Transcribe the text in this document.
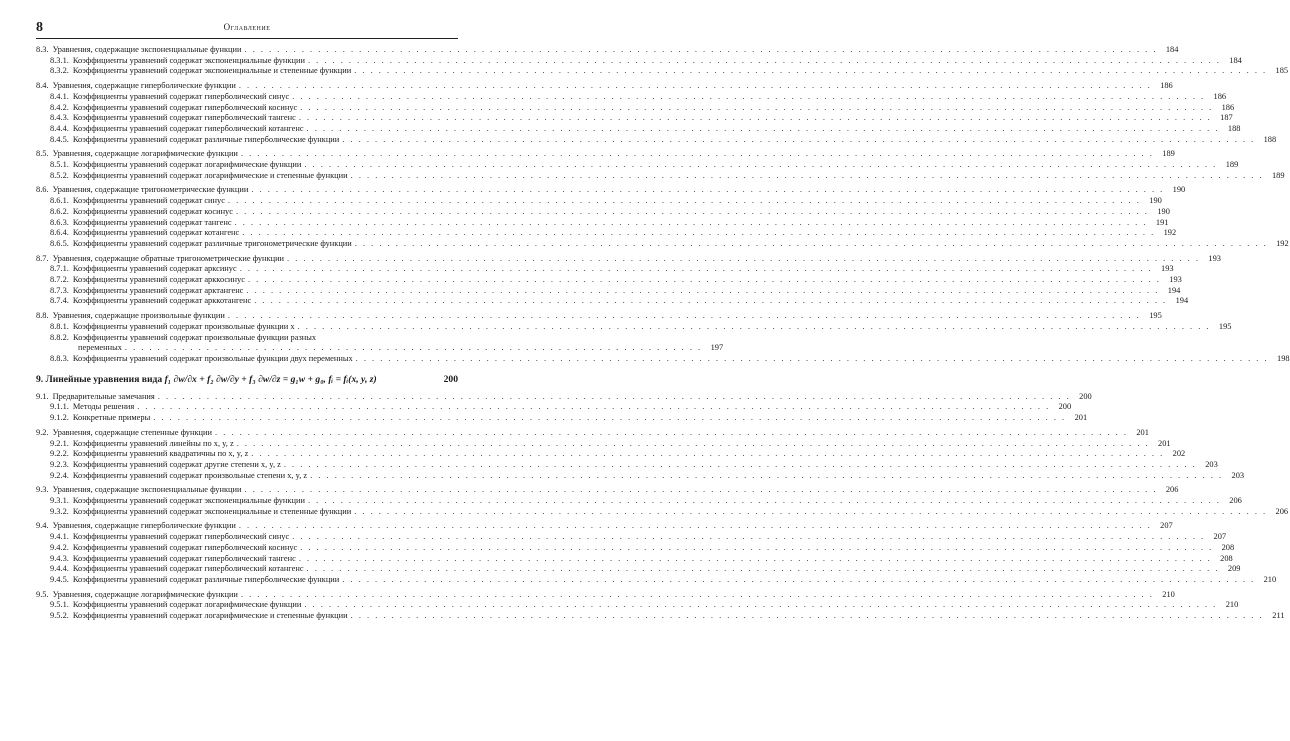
8	Оглавление
8.3. Уравнения, содержащие экспоненциальные функции . . .	184
8.3.1. Коэффициенты уравнений содержат экспоненциальные функции . . .	184
8.3.2. Коэффициенты уравнений содержат экспоненциальные и степенные функции . . .	185
8.4. Уравнения, содержащие гиперболические функции . . .	186
8.4.1. Коэффициенты уравнений содержат гиперболический синус . . .	186
8.4.2. Коэффициенты уравнений содержат гиперболический косинус . . .	186
8.4.3. Коэффициенты уравнений содержат гиперболический тангенс . . .	187
8.4.4. Коэффициенты уравнений содержат гиперболический котангенс . . .	188
8.4.5. Коэффициенты уравнений содержат различные гиперболические функции . . .	188
8.5. Уравнения, содержащие логарифмические функции . . .	189
8.5.1. Коэффициенты уравнений содержат логарифмические функции . . .	189
8.5.2. Коэффициенты уравнений содержат логарифмические и степенные функции . . .	189
8.6. Уравнения, содержащие тригонометрические функции . . .	190
8.6.1. Коэффициенты уравнений содержат синус . . .	190
8.6.2. Коэффициенты уравнений содержат косинус . . .	190
8.6.3. Коэффициенты уравнений содержат тангенс . . .	191
8.6.4. Коэффициенты уравнений содержат котангенс . . .	192
8.6.5. Коэффициенты уравнений содержат различные тригонометрические функции . . .	192
8.7. Уравнения, содержащие обратные тригонометрические функции . . .	193
8.7.1. Коэффициенты уравнений содержат арксинус . . .	193
8.7.2. Коэффициенты уравнений содержат арккосинус . . .	193
8.7.3. Коэффициенты уравнений содержат арктангенс . . .	194
8.7.4. Коэффициенты уравнений содержат арккотангенс . . .	194
8.8. Уравнения, содержащие произвольные функции . . .	195
8.8.1. Коэффициенты уравнений содержат произвольные функции x . . .	195
8.8.2. Коэффициенты уравнений содержат произвольные функции разных
переменных . . .	197
8.8.3. Коэффициенты уравнений содержат произвольные функции двух переменных . . .	198
9. Линейные уравнения вида f₁ ∂w/∂x + f₂ ∂w/∂y + f₃ ∂w/∂z = g₁w + g₀, fᵢ = fᵢ(x, y, z)	200
9.1. Предварительные замечания . . .	200
9.1.1. Методы решения . . .	200
9.1.2. Конкретные примеры . . .	201
9.2. Уравнения, содержащие степенные функции . . .	201
9.2.1. Коэффициенты уравнений линейны по x, y, z . . .	201
9.2.2. Коэффициенты уравнений квадратичны по x, y, z . . .	202
9.2.3. Коэффициенты уравнений содержат другие степени x, y, z . . .	203
9.2.4. Коэффициенты уравнений содержат произвольные степени x, y, z . . .	203
9.3. Уравнения, содержащие экспоненциальные функции . . .	206
9.3.1. Коэффициенты уравнений содержат экспоненциальные функции . . .	206
9.3.2. Коэффициенты уравнений содержат экспоненциальные и степенные функции . . .	206
9.4. Уравнения, содержащие гиперболические функции . . .	207
9.4.1. Коэффициенты уравнений содержат гиперболический синус . . .	207
9.4.2. Коэффициенты уравнений содержат гиперболический косинус . . .	208
9.4.3. Коэффициенты уравнений содержат гиперболический тангенс . . .	208
9.4.4. Коэффициенты уравнений содержат гиперболический котангенс . . .	209
9.4.5. Коэффициенты уравнений содержат различные гиперболические функции . . .	210
9.5. Уравнения, содержащие логарифмические функции . . .	210
9.5.1. Коэффициенты уравнений содержат логарифмические функции . . .	210
9.5.2. Коэффициенты уравнений содержат логарифмические и степенные функции . . .	211
